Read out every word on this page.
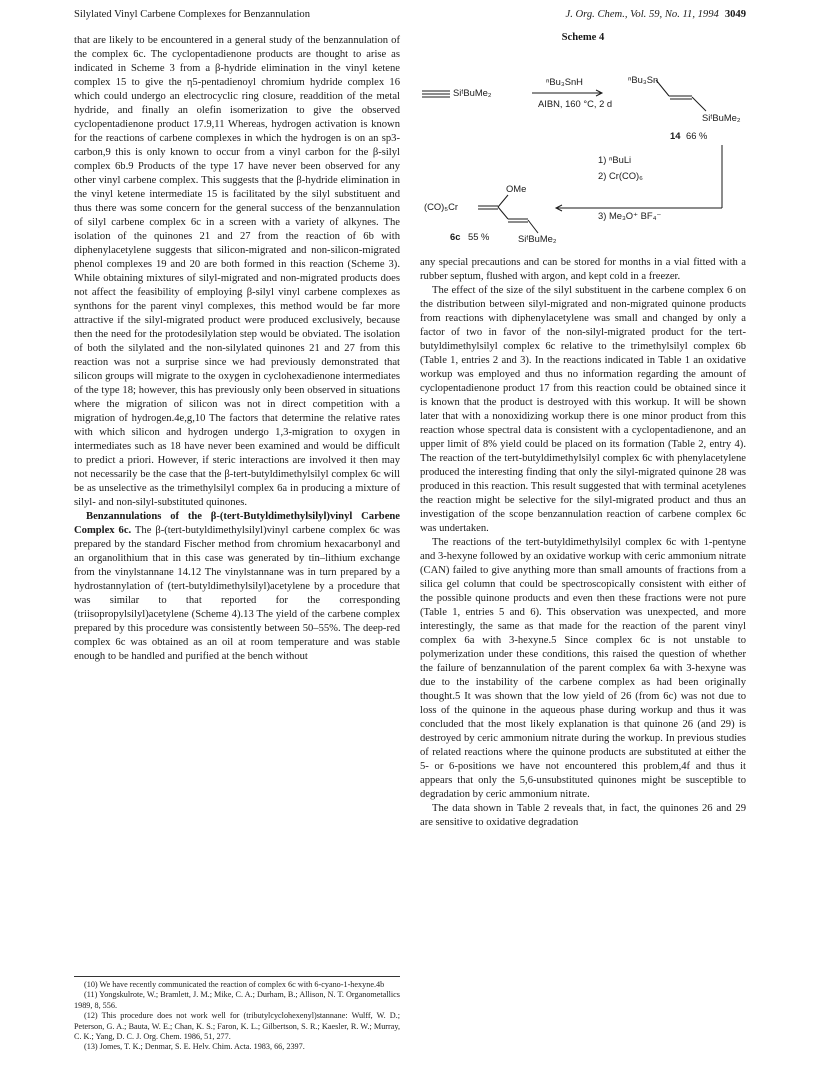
Silylated Vinyl Carbene Complexes for Benzannulation	J. Org. Chem., Vol. 59, No. 11, 1994 3049

that are likely to be encountered in a general study of the benzannulation of the complex 6c. The cyclopentadienone products are thought to arise as indicated in Scheme 3 from a β-hydride elimination in the vinyl ketene complex 15 to give the η5-pentadienoyl chromium hydride complex 16 which could undergo an electrocyclic ring closure, readdition of the metal hydride, and finally an olefin isomerization to give the observed cyclopentadienone product 17.9,11 Whereas, hydrogen activation is known for the reactions of carbene complexes in which the hydrogen is on an sp3-carbon,9 this is only known to occur from a vinyl carbon for the β-silyl complex 6b.9 Products of the type 17 have never been observed for any other vinyl carbene complex. This suggests that the β-hydride elimination in the vinyl ketene intermediate 15 is facilitated by the silyl substituent and thus there was some concern for the general success of the benzannulation of silyl carbene complex 6c in a screen with a variety of alkynes. The isolation of the quinones 21 and 27 from the reaction of 6b with diphenylacetylene suggests that silicon-migrated and non-silicon-migrated phenol complexes 19 and 20 are both formed in this reaction (Scheme 3). While obtaining mixtures of silyl-migrated and non-migrated products does not affect the feasibility of employing β-silyl vinyl carbene complexes as synthons for the parent vinyl complexes, this method would be far more attractive if the silyl-migrated product were produced exclusively, because then the need for the protodesilylation step would be obviated. The isolation of both the silylated and the non-silylated quinones 21 and 27 from this reaction was not a surprise since we had previously demonstrated that silicon groups will migrate to the oxygen in cyclohexadienone intermediates of the type 18; however, this has previously only been observed in situations where the migration of silicon was not in direct competition with a migration of hydrogen.4e,g,10 The factors that determine the relative rates with which silicon and hydrogen undergo 1,3-migration to oxygen in intermediates such as 18 have never been examined and would be difficult to predict a priori. However, if steric interactions are involved it then may not necessarily be the case that the β-tert-butyldimethylsilyl complex 6c will be as unselective as the trimethylsilyl complex 6a in producing a mixture of silyl- and non-silyl-substituted quinones.

Benzannulations of the β-(tert-Butyldimethylsilyl)vinyl Carbene Complex 6c. The β-(tert-butyldimethylsilyl)vinyl carbene complex 6c was prepared by the standard Fischer method from chromium hexacarbonyl and an organolithium that in this case was generated by tin–lithium exchange from the vinylstannane 14.12 The vinylstannane was in turn prepared by a hydrostannylation of (tert-butyldimethylsilyl)acetylene by a procedure that was similar to that reported for the corresponding (triisopropylsilyl)acetylene (Scheme 4).13 The yield of the carbene complex prepared by this procedure was consistently between 50–55%. The deep-red complex 6c was obtained as an oil at room temperature and was stable enough to be handled and purified at the bench without

(10) We have recently communicated the reaction of complex 6c with 6-cyano-1-hexyne.4b

(11) Yongskulrote, W.; Bramlett, J. M.; Mike, C. A.; Durham, B.; Allison, N. T. Organometallics 1989, 8, 556.

(12) This procedure does not work well for (tributylcyclohexenyl)stannane: Wulff, W. D.; Peterson, G. A.; Bauta, W. E.; Chan, K. S.; Faron, K. L.; Gilbertson, S. R.; Kaesler, R. W.; Murray, C. K.; Yang, D. C. J. Org. Chem. 1986, 51, 277.

(13) Jomes, T. K.; Denmar, S. E. Helv. Chim. Acta. 1983, 66, 2397.

Scheme 4
SiᵗBuMe₂
ⁿBu₃SnH
AIBN, 160 °C, 2 d
ⁿBu₃Sn
SiᵗBuMe₂
14 66 %
1) ⁿBuLi
2) Cr(CO)₆
3) Me₃O⁺ BF₄⁻
OMe
(CO)₅Cr
SiᵗBuMe₂
6c 55 %

any special precautions and can be stored for months in a vial fitted with a rubber septum, flushed with argon, and kept cold in a freezer.

The effect of the size of the silyl substituent in the carbene complex 6 on the distribution between silyl-migrated and non-migrated quinone products from reactions with diphenylacetylene was small and changed by only a factor of two in favor of the non-silyl-migrated product for the tert-butyldimethylsilyl complex 6c relative to the trimethylsilyl complex 6b (Table 1, entries 2 and 3). In the reactions indicated in Table 1 an oxidative workup was employed and thus no information regarding the amount of cyclopentadienone product 17 from this reaction could be obtained since it is known that the product is destroyed with this workup. It will be shown later that with a nonoxidizing workup there is one minor product from this reaction whose spectral data is consistent with a cyclopentadienone, and an upper limit of 8% yield could be placed on its formation (Table 2, entry 4). The reaction of the tert-butyldimethylsilyl complex 6c with phenylacetylene produced the interesting finding that only the silyl-migrated quinone 28 was produced in this reaction. This result suggested that with terminal acetylenes the reaction might be selective for the silyl-migrated product and thus an investigation of the scope benzannulation reaction of carbene complex 6c was undertaken.

The reactions of the tert-butyldimethylsilyl complex 6c with 1-pentyne and 3-hexyne followed by an oxidative workup with ceric ammonium nitrate (CAN) failed to give anything more than small amounts of fractions from a silica gel column that could be spectroscopically consistent with either of the possible quinone products and even then these fractions were not pure (Table 1, entries 5 and 6). This observation was unexpected, and more interestingly, the same as that made for the reaction of the parent vinyl complex 6a with 3-hexyne.5 Since complex 6c is not unstable to polymerization under these conditions, this raised the question of whether the failure of benzannulation of the parent complex 6a with 3-hexyne was due to the instability of the carbene complex as had been originally thought.5 It was shown that the low yield of 26 (from 6c) was not due to loss of the quinone in the aqueous phase during workup and thus it was concluded that the most likely explanation is that quinone 26 (and 29) is destroyed by ceric ammonium nitrate during the workup. In previous studies of related reactions where the quinone products are substituted at either the 5- or 6-positions we have not encountered this problem,4f and thus it appears that only the 5,6-unsubstituted quinones might be susceptible to degradation by ceric ammonium nitrate.

The data shown in Table 2 reveals that, in fact, the quinones 26 and 29 are sensitive to oxidative degradation
